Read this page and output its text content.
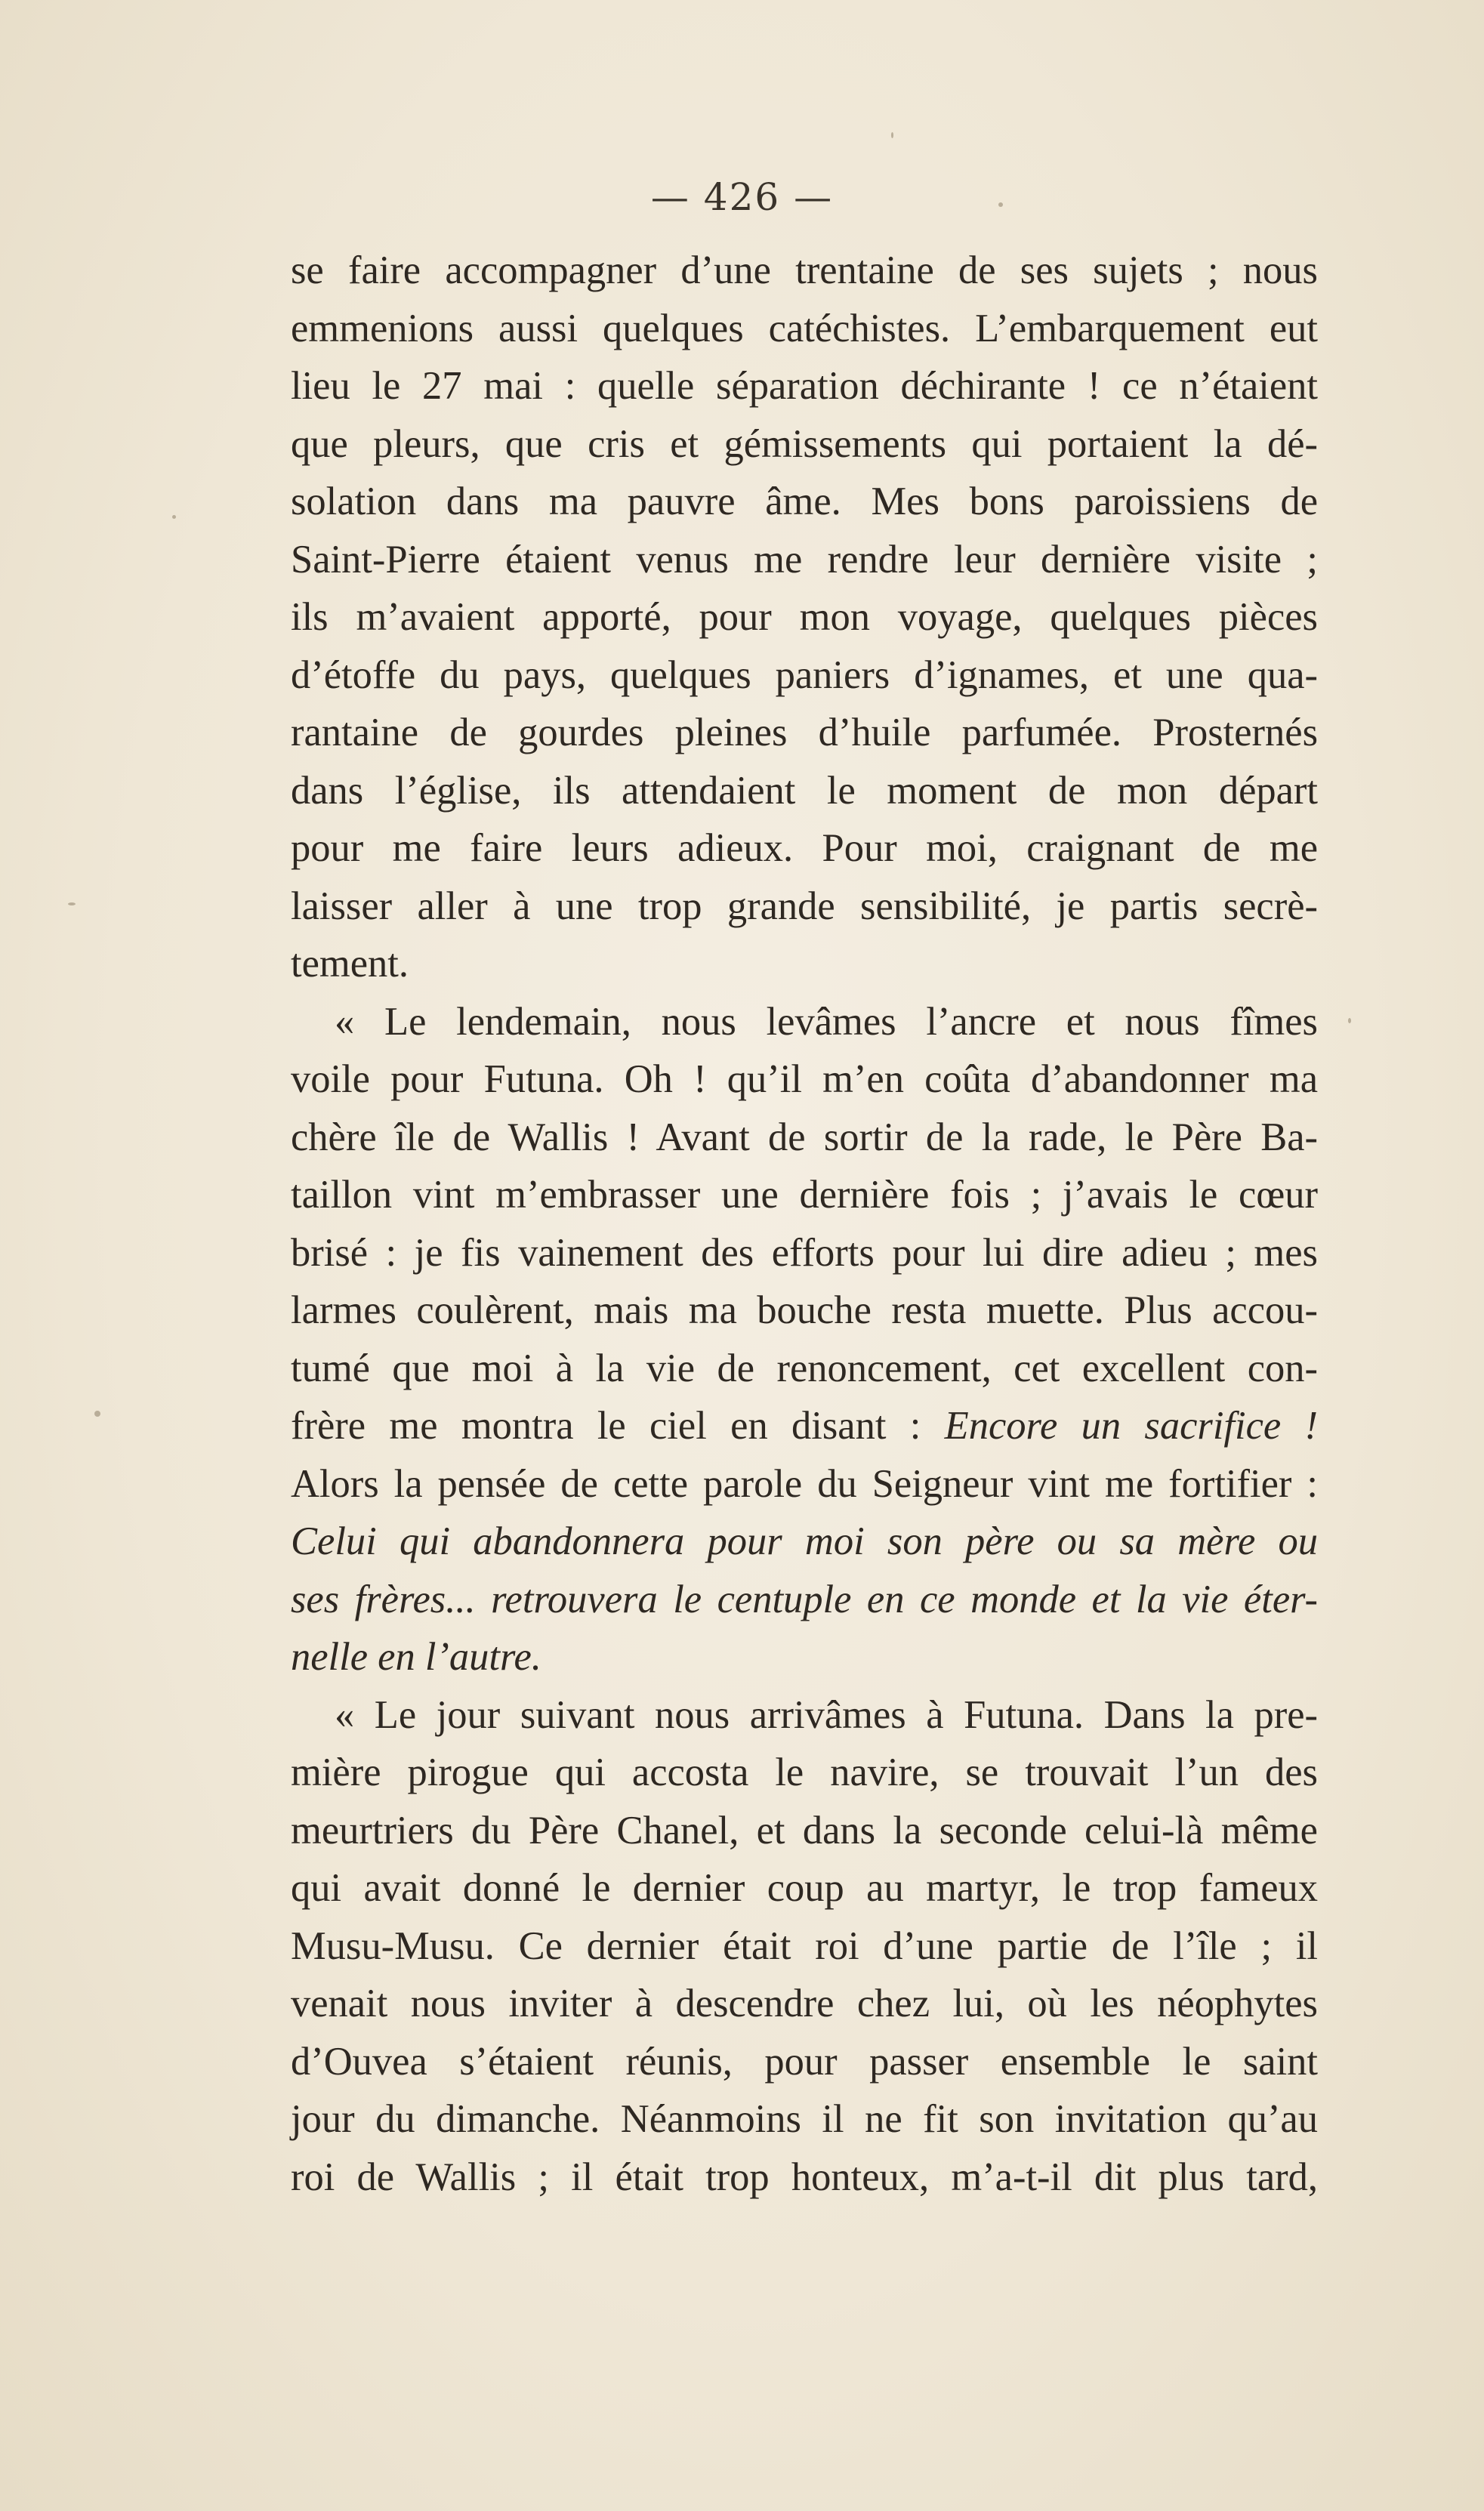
— 426 —
se faire accompagner d’une trentaine de ses sujets ; nous
emmenions aussi quelques catéchistes. L’embarquement eut
lieu le 27 mai : quelle séparation déchirante ! ce n’étaient
que pleurs, que cris et gémissements qui portaient la dé-
solation dans ma pauvre âme. Mes bons paroissiens de
Saint-Pierre étaient venus me rendre leur dernière visite ;
ils m’avaient apporté, pour mon voyage, quelques pièces
d’étoffe du pays, quelques paniers d’ignames, et une qua-
rantaine de gourdes pleines d’huile parfumée. Prosternés
dans l’église, ils attendaient le moment de mon départ
pour me faire leurs adieux. Pour moi, craignant de me
laisser aller à une trop grande sensibilité, je partis secrè-
tement.
« Le lendemain, nous levâmes l’ancre et nous fîmes
voile pour Futuna. Oh ! qu’il m’en coûta d’abandonner ma
chère île de Wallis ! Avant de sortir de la rade, le Père Ba-
taillon vint m’embrasser une dernière fois ; j’avais le cœur
brisé : je fis vainement des efforts pour lui dire adieu ; mes
larmes coulèrent, mais ma bouche resta muette. Plus accou-
tumé que moi à la vie de renoncement, cet excellent con-
frère me montra le ciel en disant : Encore un sacrifice !
Alors la pensée de cette parole du Seigneur vint me fortifier :
Celui qui abandonnera pour moi son père ou sa mère ou
ses frères... retrouvera le centuple en ce monde et la vie éter-
nelle en l’autre.
« Le jour suivant nous arrivâmes à Futuna. Dans la pre-
mière pirogue qui accosta le navire, se trouvait l’un des
meurtriers du Père Chanel, et dans la seconde celui-là même
qui avait donné le dernier coup au martyr, le trop fameux
Musu-Musu. Ce dernier était roi d’une partie de l’île ; il
venait nous inviter à descendre chez lui, où les néophytes
d’Ouvea s’étaient réunis, pour passer ensemble le saint
jour du dimanche. Néanmoins il ne fit son invitation qu’au
roi de Wallis ; il était trop honteux, m’a-t-il dit plus tard,
